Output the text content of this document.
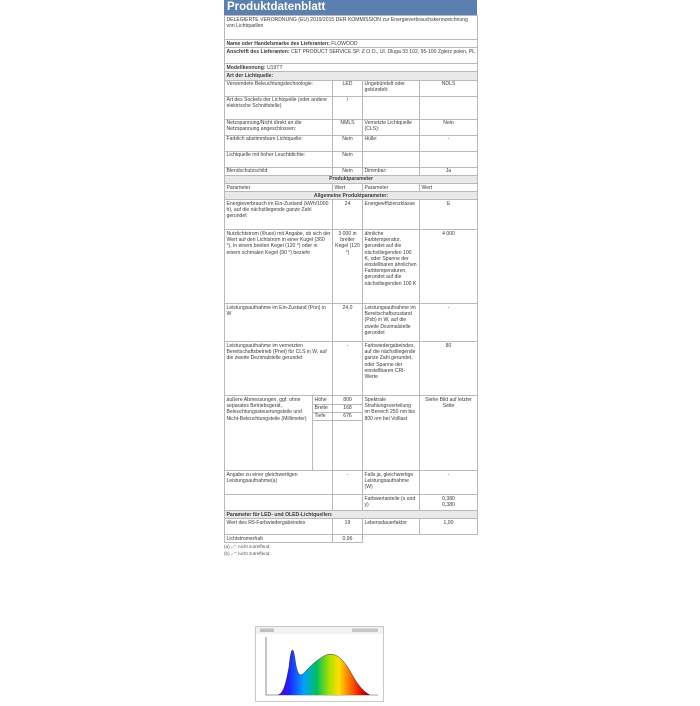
Produktdatenblatt
DELEGIERTE VERORDNUNG (EU) 2019/2015 DER KOMMISSION zur Energieverbrauchskennzeichnung von Lichtquellen				
Name oder Handelsmarke des Lieferanten: FLOWOOD				
Anschrift des Lieferanten: CET PRODUCT SERVICE SP. Z O.O., Ul. Dluga 33 102, 95-100 Zgierz polen, PL				
Modellkennung: U19TT				
Art der Lichtquelle:				
Verwendete Beleuchtungstechnologie:		LED	Ungebündelt oder gebündelt:	NDLS
Art des Sockels der Lichtquelle (oder andere elektrische Schnittstelle)		/		
Netzspannung/Nicht direkt an die Netzspannung angeschlossen:		NMLS	Vernetzte Lichtquelle (CLS):	Nein
Farblich abstimmbare Lichtquelle:		Nein	Hülle:	-
Lichtquelle mit hoher Leuchtdichte:		Nein		
Blendschutzschild:		Nein	Dimmbar:	Ja
Produktparameter				
Parameter		Wert	Parameter	Wert
Allgemeine Produktparameter:				
Energieverbrauch im Ein-Zustand (kWh/1000 h), auf die nächstliegende ganze Zahl gerundet		24	Energieeffizienzklasse	E
Nutzlichtstrom (Φuse) mit Angabe, ob sich der Wert auf den Lichtstrom in einer Kugel (360 °), in einem breiten Kegel (120 °) oder in einem schmalen Kegel (90 °) bezieht		3 000 in breiter Kegel (120 °)	ähnliche Farbtemperatur, gerundet auf die nächstliegenden 100 K, oder Spanne der einstellbaren ähnlichen Farbtemperaturen, gerundet auf die nächstliegenden 100 K	4 000
Leistungsaufnahme im Ein-Zustand (Pon) in W		24,0	Leistungsaufnahme im Bereitschaftszustand (Psb) in W, auf die zweite Dezimalstelle gerundet	-
Leistungsaufnahme im vernetzten Bereitschaftsbetrieb (Pnet) für CLS in W, auf die zweite Dezimalstelle gerundet		-	Farbwiedergabeindex, auf die nächstliegende ganze Zahl gerundet, oder Spanne der einstellbaren CRI-Werte	80
äußere Abmessungen, ggf. ohne separates Betriebsgerät, Beleuchtungssteuerungsteile und Nicht-Beleuchtungsteile (Millimeter)	Höhe	800	Spektrale Strahlungsverteilung im Bereich 250 nm bis 800 nm bei Volllast	Siehe Bild auf letzter Seite
	Breite	168		
	Tiefe	676		

Angabe zu einer gleichwertigen Leistungsaufnahme(a)		-	Falls ja, gleichwertige Leistungsaufnahme (W)	-
			Farbwertanteile (x und y)	0,380
0,380
Parameter für LED- und OLED-Lichtquellen:				
Wert des R9-Farbwiedergabeindex		19	Lebensdauerfaktor	1,00
Lichtstromerhalt		0,96		
(a) „-“: nicht zutreffend;
(b) „-“: nicht zutreffend;
